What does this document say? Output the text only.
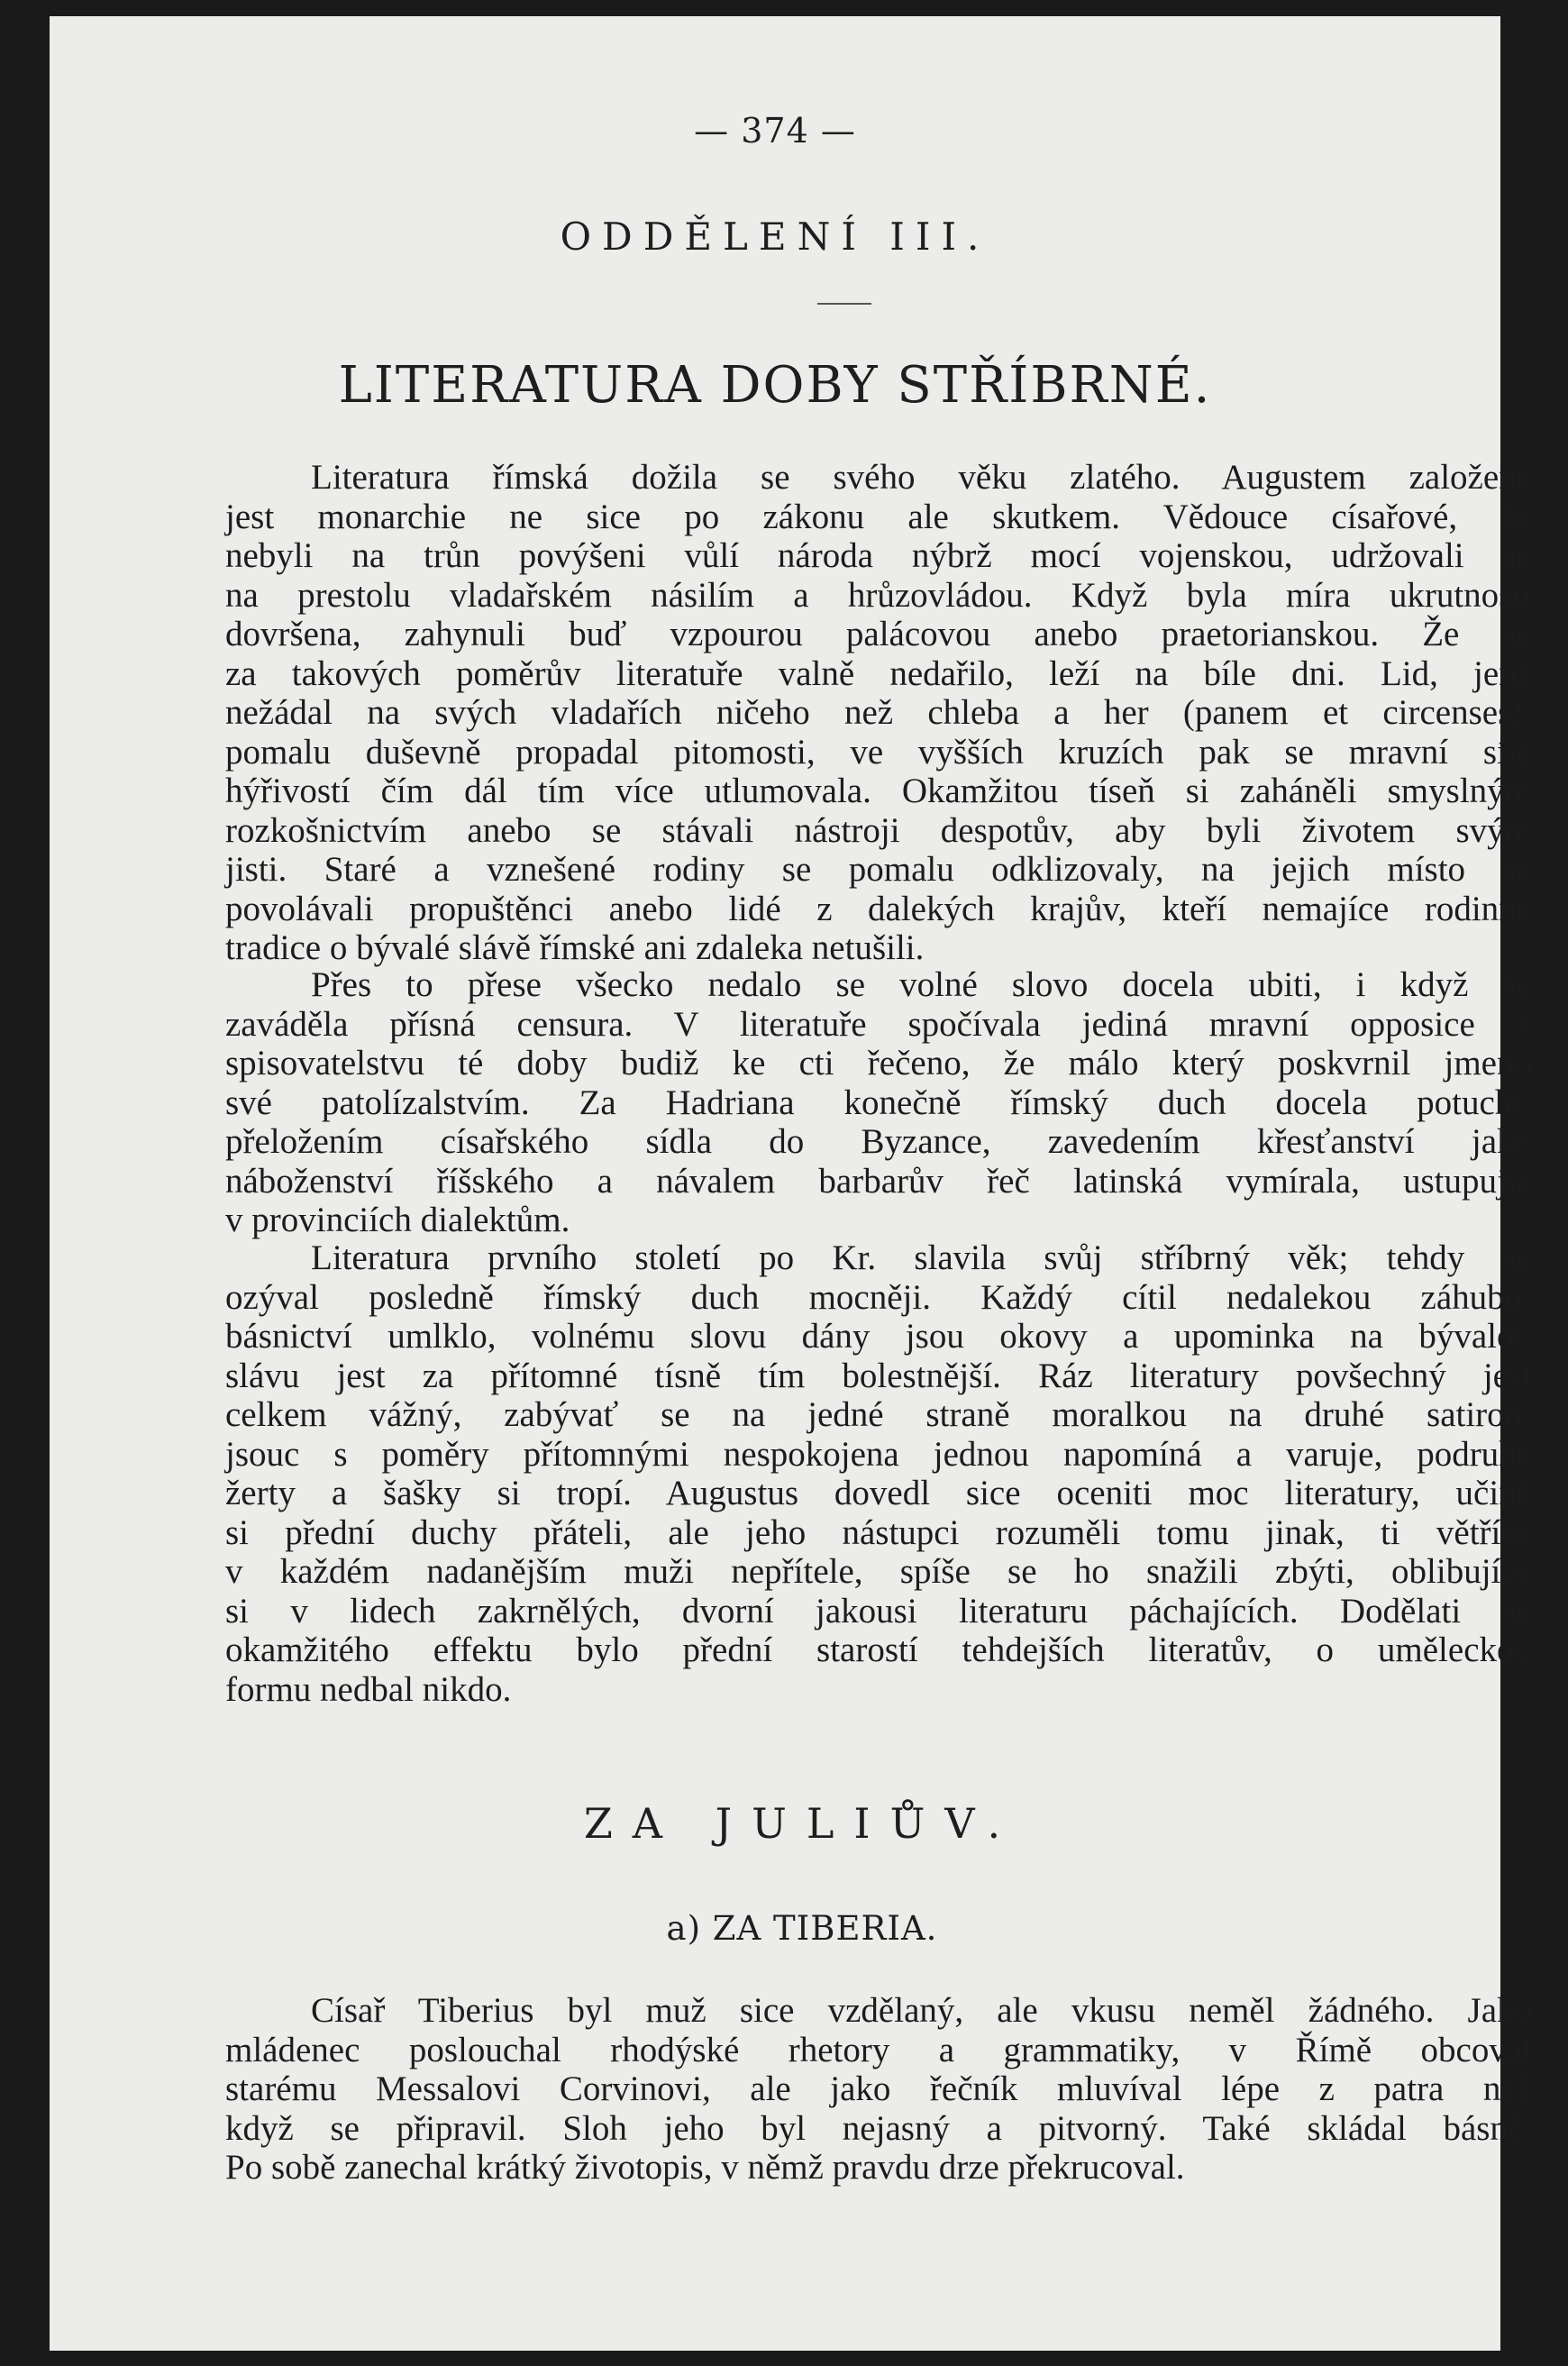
— 374 —
ODDĚLENÍ III.
LITERATURA DOBY STŘÍBRNÉ.
Literatura římská dožila se svého věku zlatého. Augustem založena
jest monarchie ne sice po zákonu ale skutkem. Vědouce císařové, že
nebyli na trůn povýšeni vůlí národa nýbrž mocí vojenskou, udržovali se
na prestolu vladařském násilím a hrůzovládou. Když byla míra ukrutností
dovršena, zahynuli buď vzpourou palácovou anebo praetorianskou. Že se
za takových poměrův literatuře valně nedařilo, leží na bíle dni. Lid, jenž
nežádal na svých vladařích ničeho než chleba a her (panem et circenses),
pomalu duševně propadal pitomosti, ve vyšších kruzích pak se mravní síla
hýřivostí čím dál tím více utlumovala. Okamžitou tíseň si zaháněli smyslným
rozkošnictvím anebo se stávali nástroji despotův, aby byli životem svým
jisti. Staré a vznešené rodiny se pomalu odklizovaly, na jejich místo se
povolávali propuštěnci anebo lidé z dalekých krajův, kteří nemajíce rodinné
tradice o bývalé slávě římské ani zdaleka netušili.
Přes to přese všecko nedalo se volné slovo docela ubiti, i když se
zaváděla přísná censura. V literatuře spočívala jediná mravní opposice a
spisovatelstvu té doby budiž ke cti řečeno, že málo který poskvrnil jmeno
své patolízalstvím. Za Hadriana konečně římský duch docela potuchl;
přeložením císařského sídla do Byzance, zavedením křesťanství jako
náboženství říšského a návalem barbarův řeč latinská vymírala, ustupujíc
v provinciích dialektům.
Literatura prvního století po Kr. slavila svůj stříbrný věk; tehdy se
ozýval posledně římský duch mocněji. Každý cítil nedalekou záhubu:
básnictví umlklo, volnému slovu dány jsou okovy a upominka na bývalou
slávu jest za přítomné tísně tím bolestnější. Ráz literatury povšechný jest
celkem vážný, zabývať se na jedné straně moralkou na druhé satirou;
jsouc s poměry přítomnými nespokojena jednou napomíná a varuje, podruhé
žerty a šašky si tropí. Augustus dovedl sice oceniti moc literatury, učině
si přední duchy přáteli, ale jeho nástupci rozuměli tomu jinak, ti větříce
v každém nadanějším muži nepřítele, spíše se ho snažili zbýti, oblibujíce
si v lidech zakrnělých, dvorní jakousi literaturu páchajících. Dodělati se
okamžitého effektu bylo přední starostí tehdejších literatův, o uměleckou
formu nedbal nikdo.
ZA JULIŮV.
a) ZA TIBERIA.
Císař Tiberius byl muž sice vzdělaný, ale vkusu neměl žádného. Jako
mládenec poslouchal rhodýské rhetory a grammatiky, v Římě obcoval
starému Messalovi Corvinovi, ale jako řečník mluvíval lépe z patra než
když se připravil. Sloh jeho byl nejasný a pitvorný. Také skládal básně.
Po sobě zanechal krátký životopis, v němž pravdu drze překrucoval.
